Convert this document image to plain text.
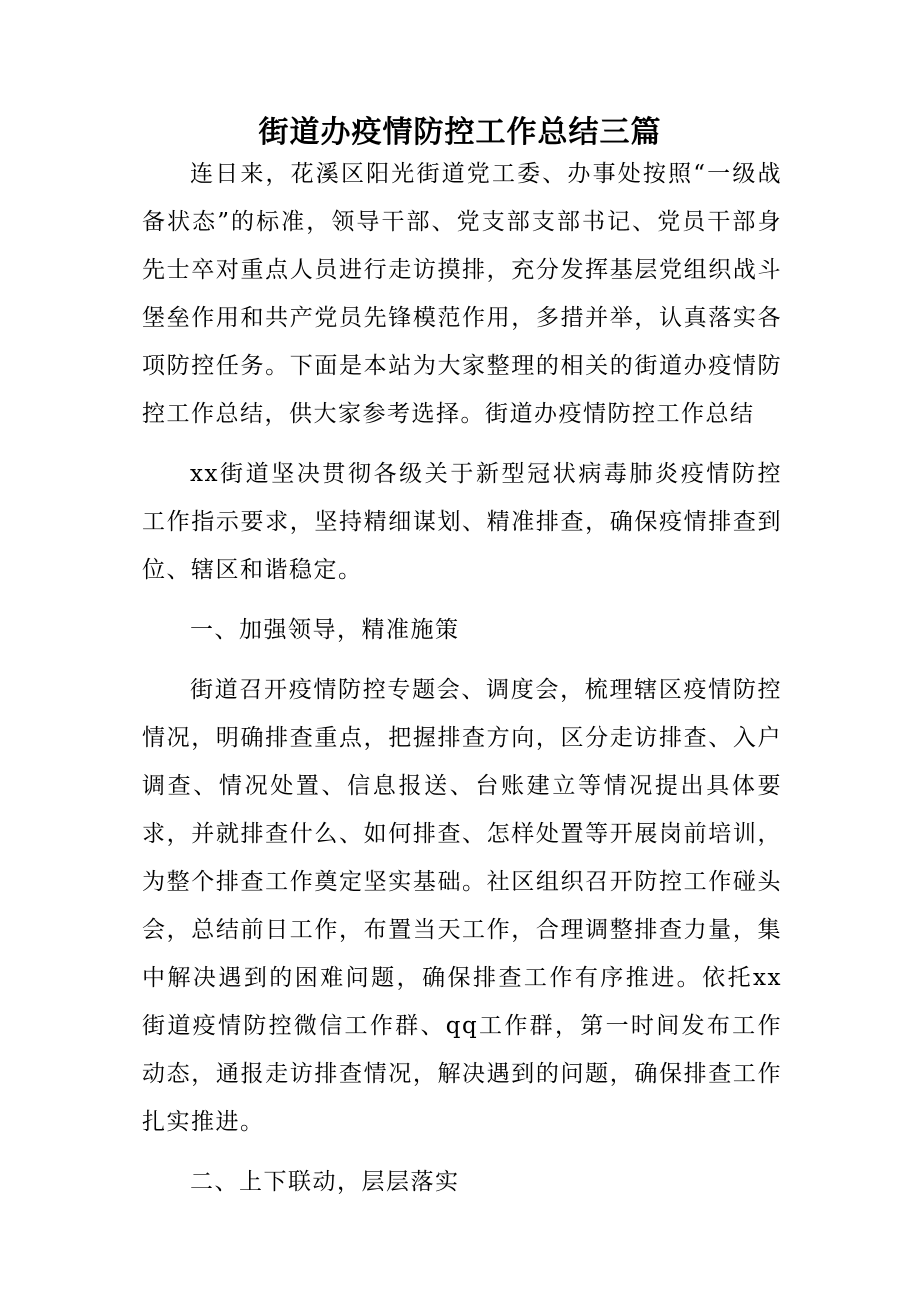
街道办疫情防控工作总结三篇

连日来，花溪区阳光街道党工委、办事处按照“一级战备状态”的标准，领导干部、党支部支部书记、党员干部身先士卒对重点人员进行走访摸排，充分发挥基层党组织战斗堡垒作用和共产党员先锋模范作用，多措并举，认真落实各项防控任务。下面是本站为大家整理的相关的街道办疫情防控工作总结，供大家参考选择。街道办疫情防控工作总结

xx街道坚决贯彻各级关于新型冠状病毒肺炎疫情防控工作指示要求，坚持精细谋划、精准排查，确保疫情排查到位、辖区和谐稳定。

一、加强领导，精准施策

街道召开疫情防控专题会、调度会，梳理辖区疫情防控情况，明确排查重点，把握排查方向，区分走访排查、入户调查、情况处置、信息报送、台账建立等情况提出具体要求，并就排查什么、如何排查、怎样处置等开展岗前培训，为整个排查工作奠定坚实基础。社区组织召开防控工作碰头会，总结前日工作，布置当天工作，合理调整排查力量，集中解决遇到的困难问题，确保排查工作有序推进。依托xx街道疫情防控微信工作群、qq工作群，第一时间发布工作动态，通报走访排查情况，解决遇到的问题，确保排查工作扎实推进。

二、上下联动，层层落实
